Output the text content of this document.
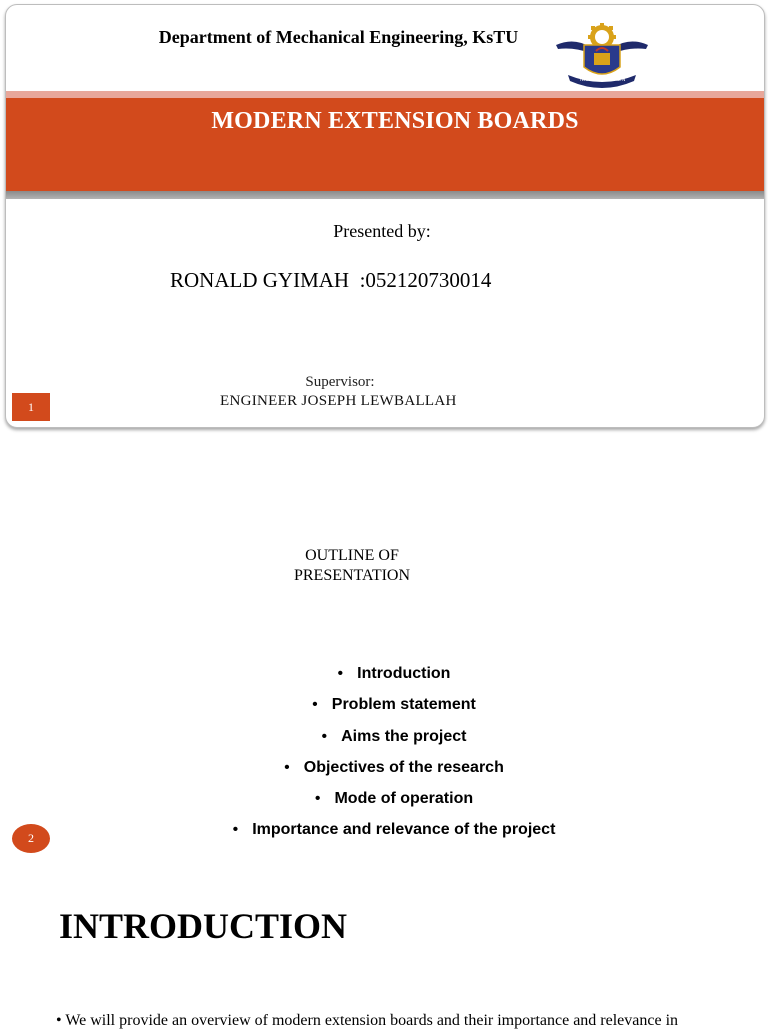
Department of Mechanical Engineering, KsTU
NIMDEE HYEREN
MODERN EXTENSION BOARDS
Presented by:
RONALD GYIMAH  :052120730014
Supervisor:
ENGINEER JOSEPH LEWBALLAH
1
OUTLINE OF
PRESENTATION
• Introduction
• Problem statement
• Aims the project
• Objectives of the research
• Mode of operation
• Importance and relevance of the project
2
INTRODUCTION
• We will provide an overview of modern extension boards and their importance and relevance in
